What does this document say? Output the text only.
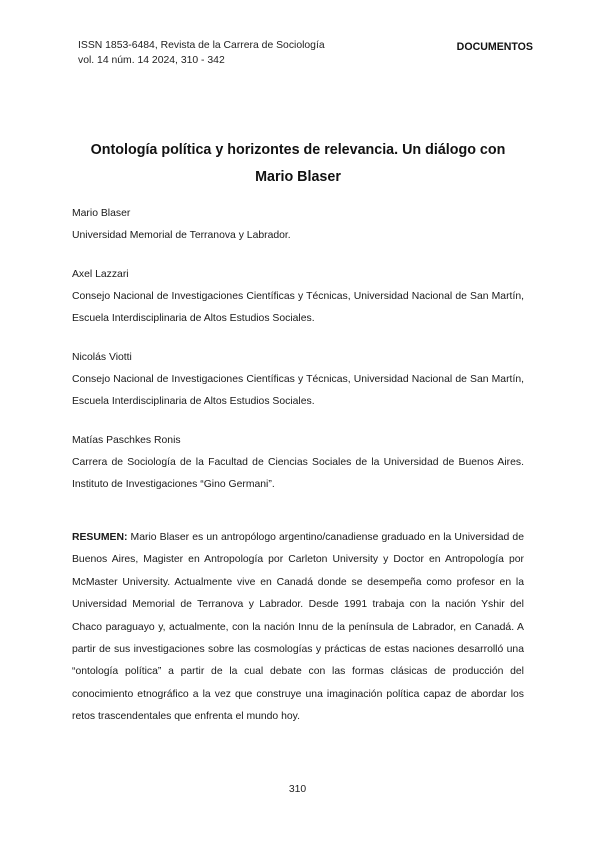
ISSN 1853-6484, Revista de la Carrera de Sociología
vol. 14 núm. 14 2024, 310 - 342
DOCUMENTOS
Ontología política y horizontes de relevancia. Un diálogo con Mario Blaser
Mario Blaser
Universidad Memorial de Terranova y Labrador.
Axel Lazzari
Consejo Nacional de Investigaciones Científicas y Técnicas, Universidad Nacional de San Martín, Escuela Interdisciplinaria de Altos Estudios Sociales.
Nicolás Viotti
Consejo Nacional de Investigaciones Científicas y Técnicas, Universidad Nacional de San Martín, Escuela Interdisciplinaria de Altos Estudios Sociales.
Matías Paschkes Ronis
Carrera de Sociología de la Facultad de Ciencias Sociales de la Universidad de Buenos Aires. Instituto de Investigaciones “Gino Germani”.
RESUMEN: Mario Blaser es un antropólogo argentino/canadiense graduado en la Universidad de Buenos Aires, Magister en Antropología por Carleton University y Doctor en Antropología por McMaster University. Actualmente vive en Canadá donde se desempeña como profesor en la Universidad Memorial de Terranova y Labrador. Desde 1991 trabaja con la nación Yshir del Chaco paraguayo y, actualmente, con la nación Innu de la península de Labrador, en Canadá. A partir de sus investigaciones sobre las cosmologías y prácticas de estas naciones desarrolló una “ontología política” a partir de la cual debate con las formas clásicas de producción del conocimiento etnográfico a la vez que construye una imaginación política capaz de abordar los retos trascendentales que enfrenta el mundo hoy.
310
